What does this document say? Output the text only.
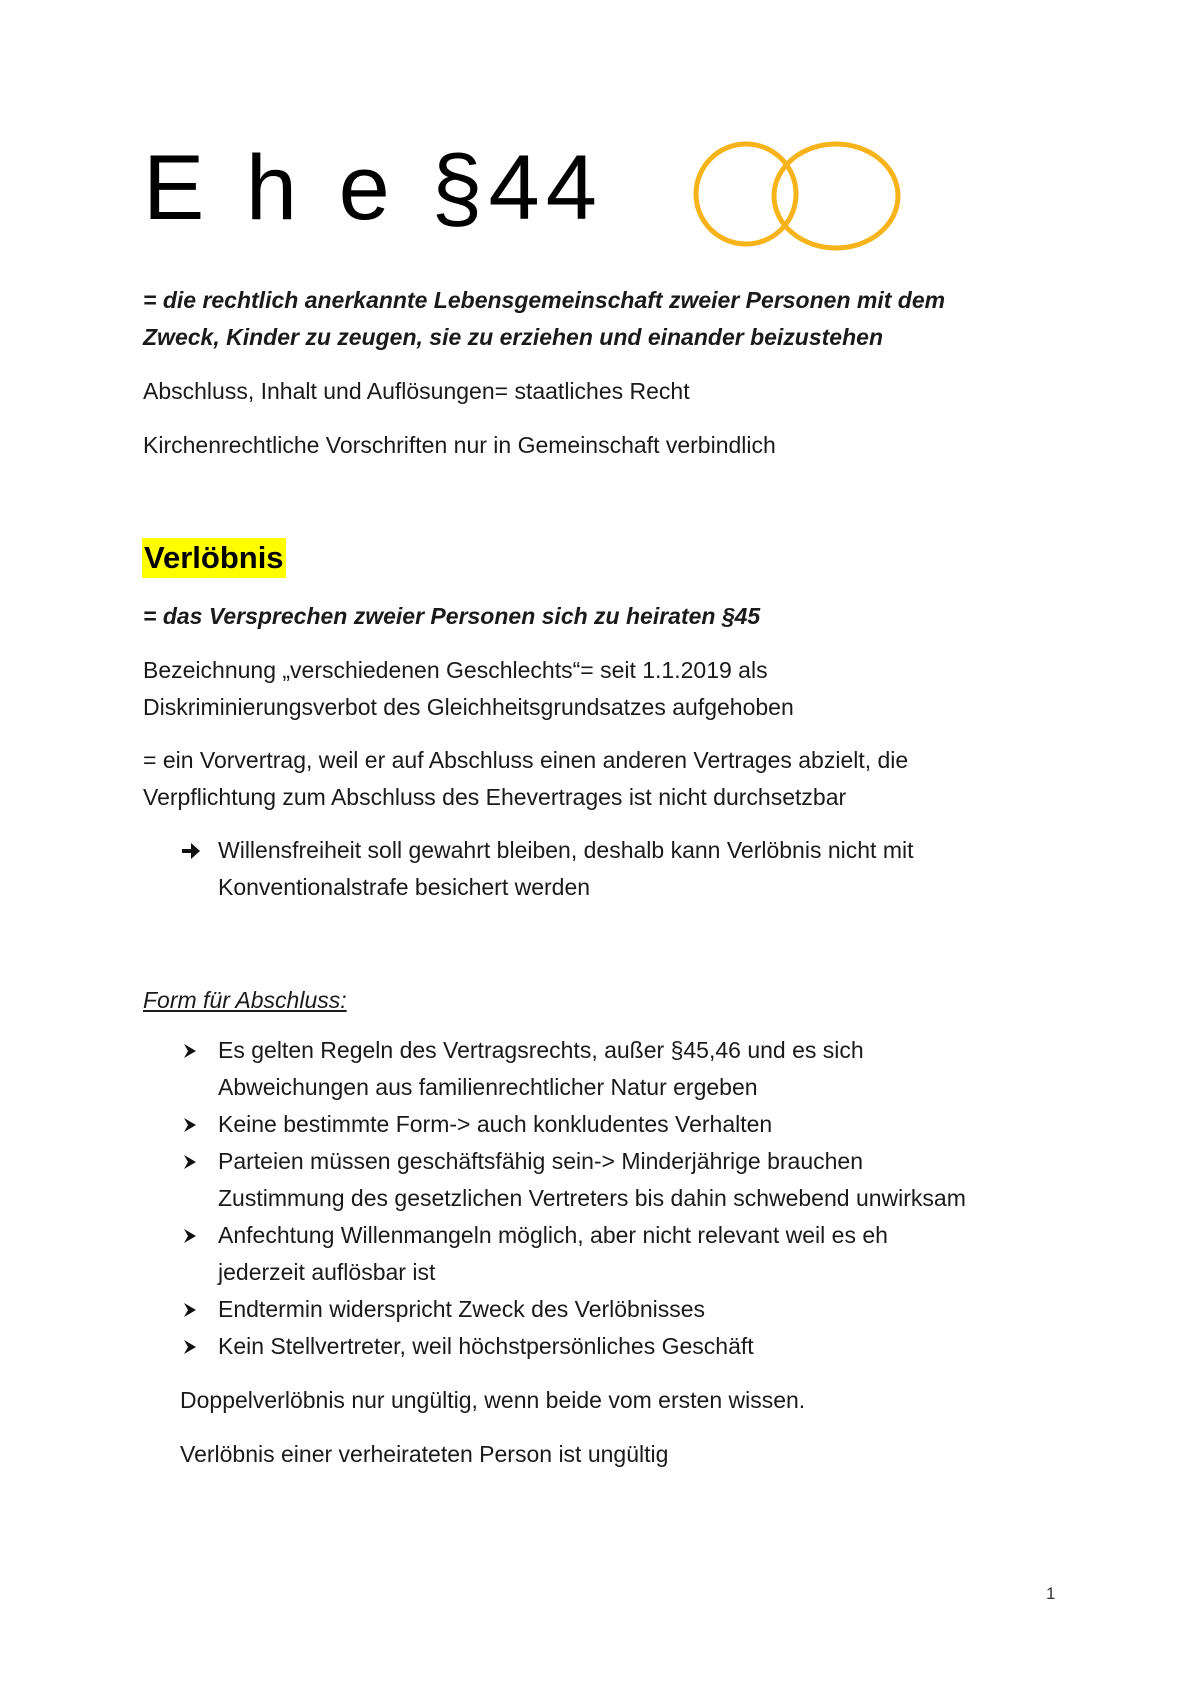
E h e §44
= die rechtlich anerkannte Lebensgemeinschaft zweier Personen mit dem
Zweck, Kinder zu zeugen, sie zu erziehen und einander beizustehen
Abschluss, Inhalt und Auflösungen= staatliches Recht
Kirchenrechtliche Vorschriften nur in Gemeinschaft verbindlich
Verlöbnis
= das Versprechen zweier Personen sich zu heiraten §45
Bezeichnung „verschiedenen Geschlechts“= seit 1.1.2019 als
Diskriminierungsverbot des Gleichheitsgrundsatzes aufgehoben
= ein Vorvertrag, weil er auf Abschluss einen anderen Vertrages abzielt, die
Verpflichtung zum Abschluss des Ehevertrages ist nicht durchsetzbar
Willensfreiheit soll gewahrt bleiben, deshalb kann Verlöbnis nicht mit
Konventionalstrafe besichert werden
Form für Abschluss:
Es gelten Regeln des Vertragsrechts, außer §45,46 und es sich
Abweichungen aus familienrechtlicher Natur ergeben
Keine bestimmte Form-> auch konkludentes Verhalten
Parteien müssen geschäftsfähig sein-> Minderjährige brauchen
Zustimmung des gesetzlichen Vertreters bis dahin schwebend unwirksam
Anfechtung Willenmangeln möglich, aber nicht relevant weil es eh
jederzeit auflösbar ist
Endtermin widerspricht Zweck des Verlöbnisses
Kein Stellvertreter, weil höchstpersönliches Geschäft
Doppelverlöbnis nur ungültig, wenn beide vom ersten wissen.
Verlöbnis einer verheirateten Person ist ungültig
1
